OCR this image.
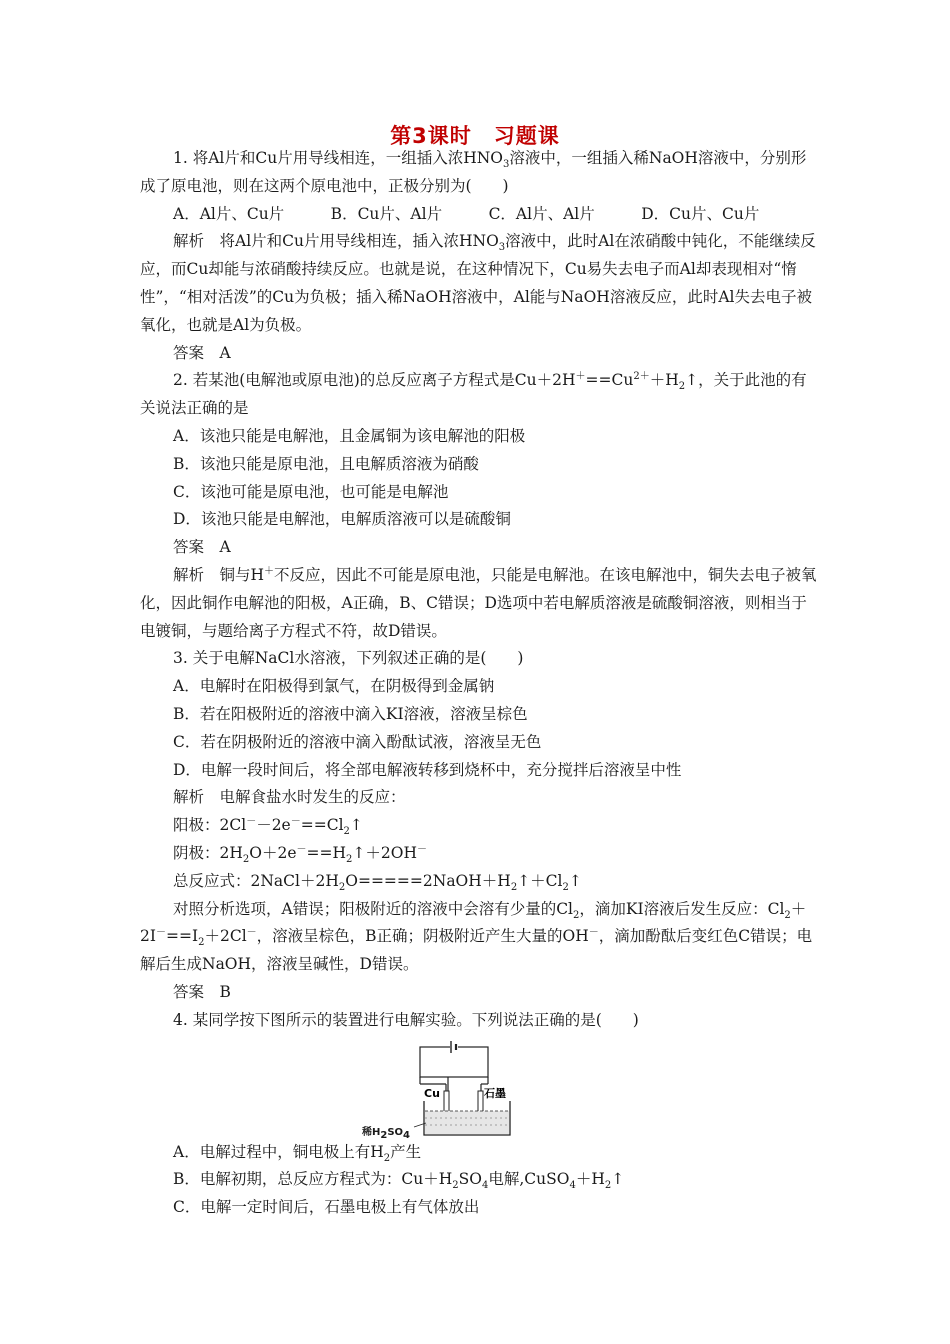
第3课时　习题课

1. 将Al片和Cu片用导线相连，一组插入浓$HNO_3$溶液中，一组插入稀NaOH溶液中，分别形成了原电池，则在这两个原电池中，正极分别为(　　)

A．Al片、Cu片　　　B．Cu片、Al片　　　C．Al片、Al片　　　D．Cu片、Cu片

解析　将Al片和Cu片用导线相连，插入浓$HNO_3$溶液中，此时Al在浓硝酸中钝化，不能继续反应，而Cu却能与浓硝酸持续反应。也就是说，在这种情况下，Cu易失去电子而Al却表现相对“惰性”，“相对活泼”的Cu为负极；插入稀NaOH溶液中，Al能与NaOH溶液反应，此时Al失去电子被氧化，也就是Al为负极。

答案　A

2. 若某池(电解池或原电池)的总反应离子方程式是$Cu+2H^+==Cu^{2+}+H_2↑$，关于此池的有关说法正确的是

A．该池只能是电解池，且金属铜为该电解池的阳极

B．该池只能是原电池，且电解质溶液为硝酸

C．该池可能是原电池，也可能是电解池

D．该池只能是电解池，电解质溶液可以是硫酸铜

答案　A

解析　铜与H＋不反应，因此不可能是原电池，只能是电解池。在该电解池中，铜失去电子被氧化，因此铜作电解池的阳极，A正确，B、C错误；D选项中若电解质溶液是硫酸铜溶液，则相当于电镀铜，与题给离子方程式不符，故D错误。

3. 关于电解NaCl水溶液，下列叙述正确的是(　　)

A．电解时在阳极得到氯气，在阴极得到金属钠

B．若在阳极附近的溶液中滴入KI溶液，溶液呈棕色

C．若在阴极附近的溶液中滴入酚酞试液，溶液呈无色

D．电解一段时间后，将全部电解液转移到烧杯中，充分搅拌后溶液呈中性

解析　电解食盐水时发生的反应：

阳极：$2Cl^--2e^-==Cl_2↑$

阴极：$2H_2O+2e^-==H_2↑+2OH^-$

总反应式：$2NaCl+2H_2O=====2NaOH+H_2↑+Cl_2↑$

对照分析选项，A错误；阳极附近的溶液中会溶有少量的$Cl_2$，滴加KI溶液后发生反应：$Cl_2+2I^-==I_2+2Cl^-$，溶液呈棕色，B正确；阴极附近产生大量的OH－，滴加酚酞后变红色C错误；电解后生成NaOH，溶液呈碱性，D错误。

答案　B

4. 某同学按下图所示的装置进行电解实验。下列说法正确的是(　　)

Cu	石墨
稀$H_2SO_4$

A．电解过程中，铜电极上有$H_2$产生

B．电解初期，总反应方程式为：$Cu+H_2SO_4$电解$,CuSO_4+H_2↑$

C．电解一定时间后，石墨电极上有气体放出
